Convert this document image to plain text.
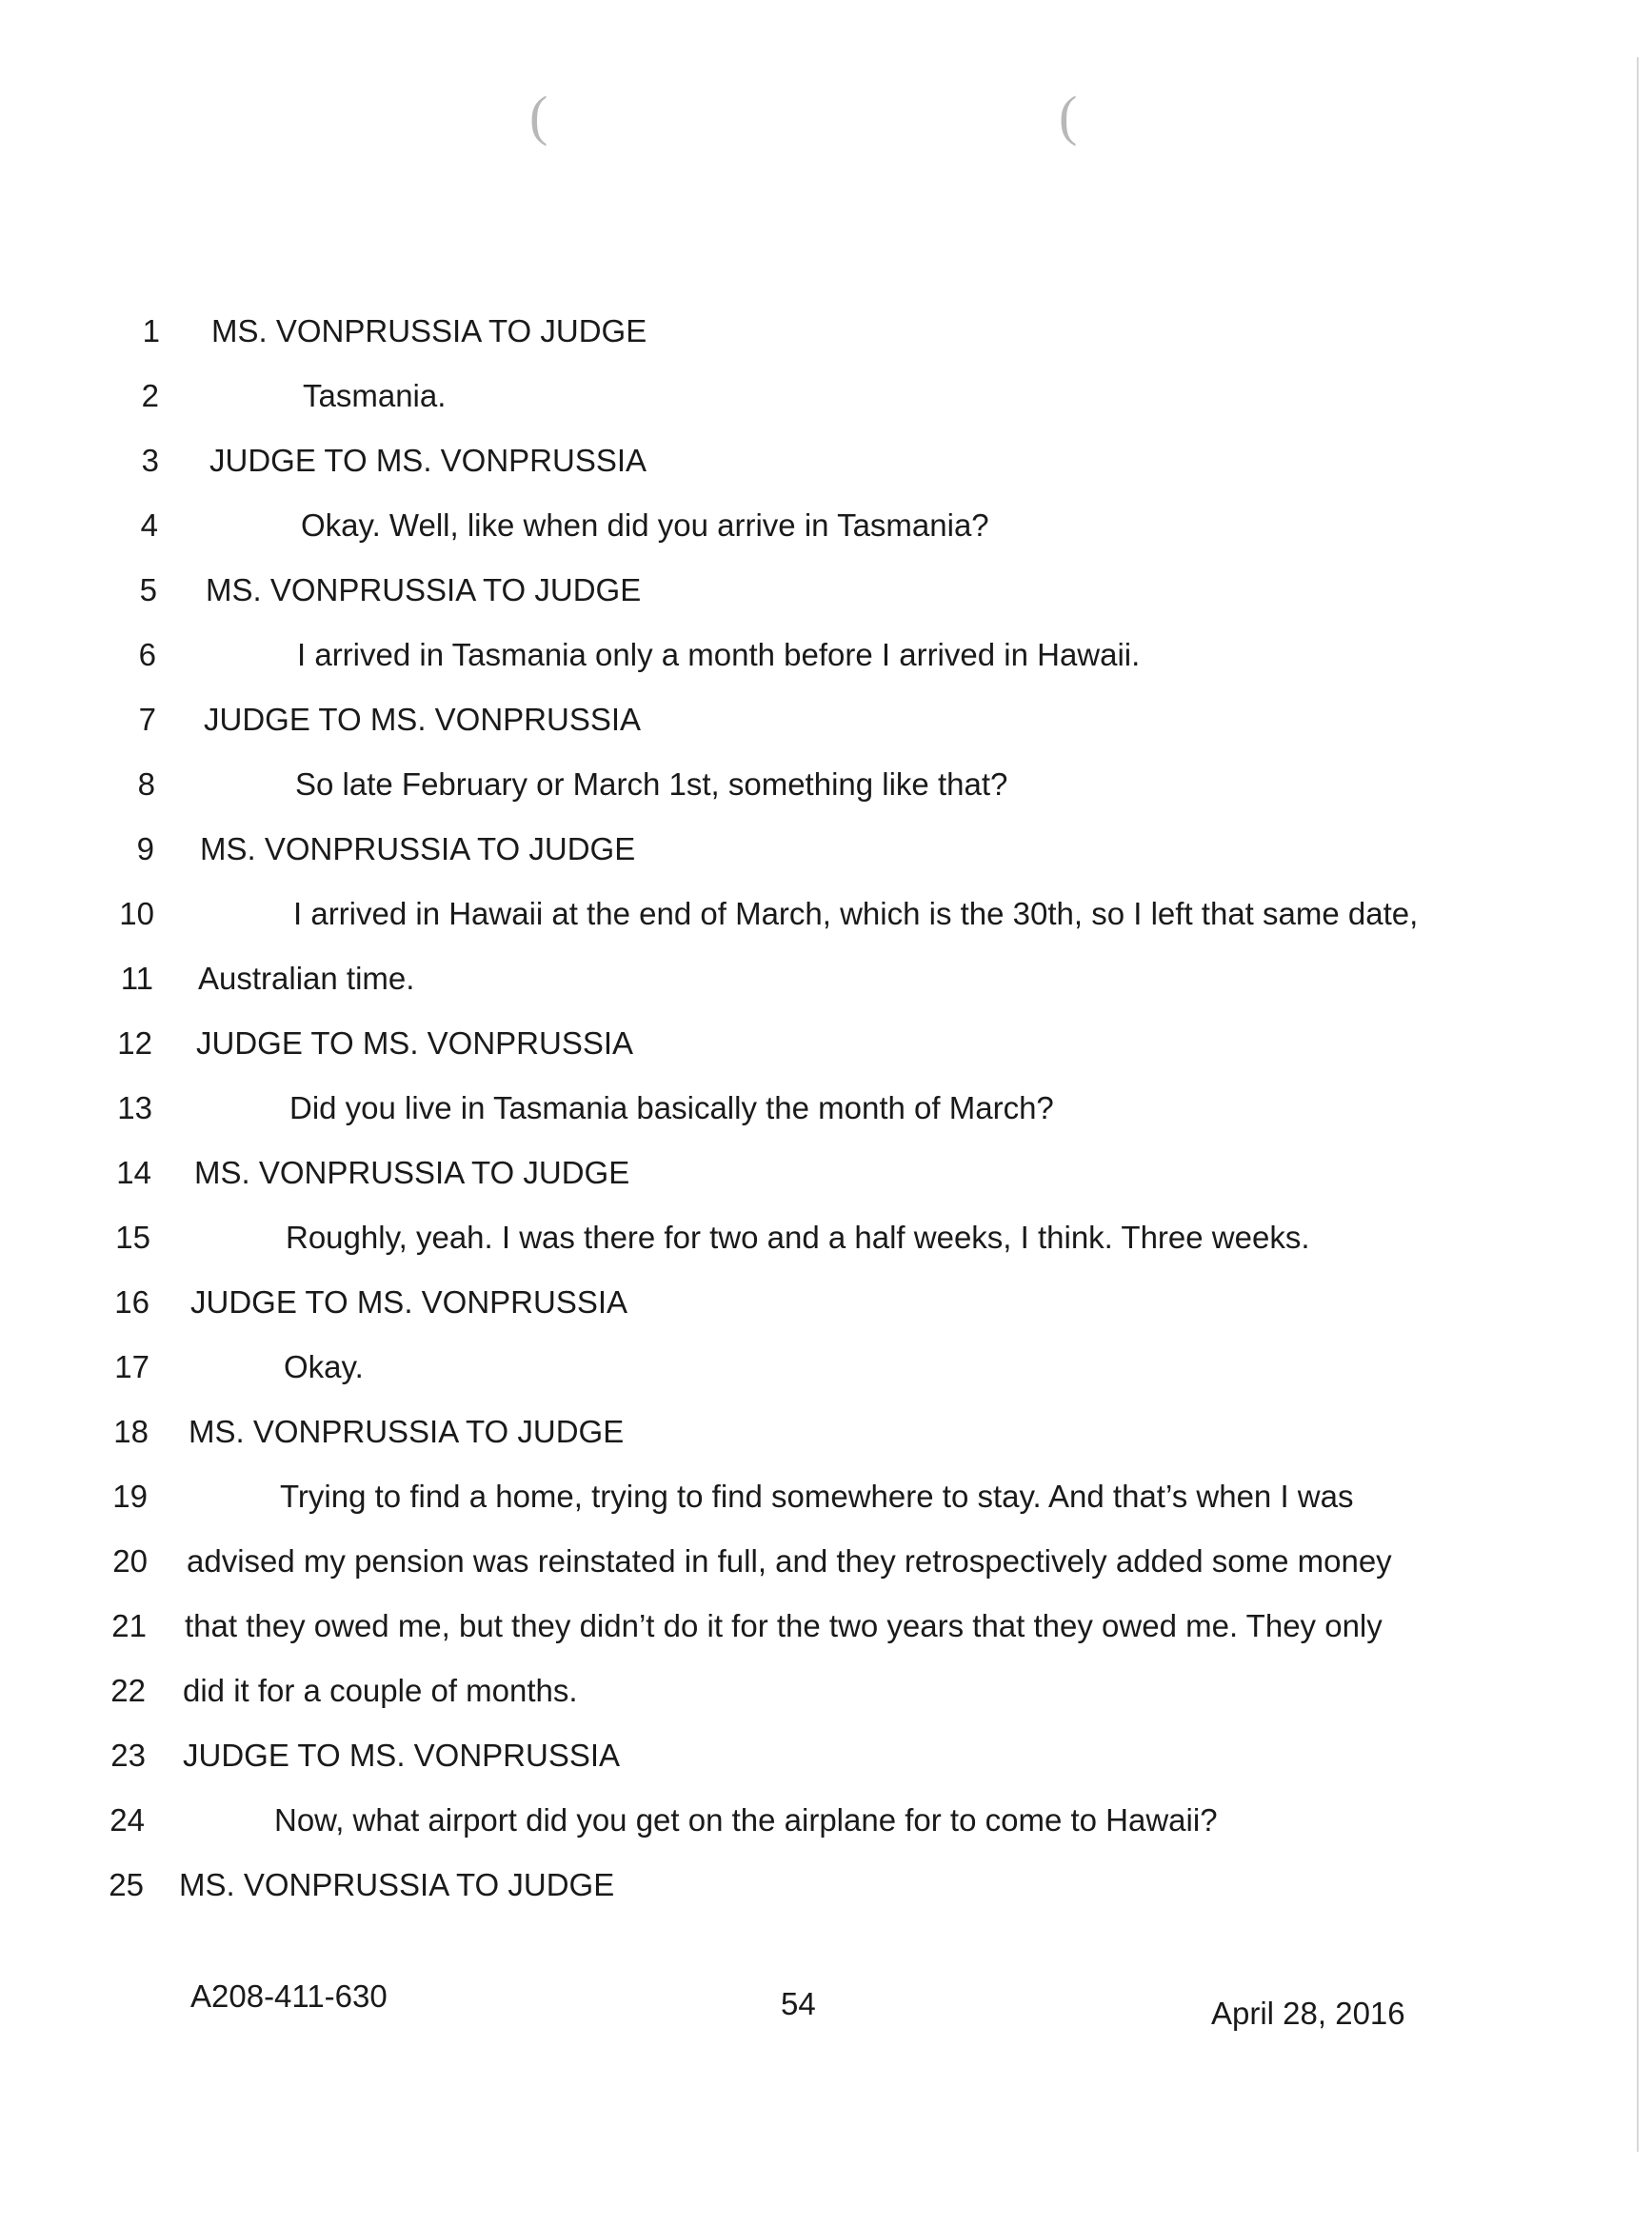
(	(
1 MS. VONPRUSSIA TO JUDGE
2	Tasmania.
3 JUDGE TO MS. VONPRUSSIA
4	Okay. Well, like when did you arrive in Tasmania?
5 MS. VONPRUSSIA TO JUDGE
6	I arrived in Tasmania only a month before I arrived in Hawaii.
7 JUDGE TO MS. VONPRUSSIA
8	So late February or March 1st, something like that?
9 MS. VONPRUSSIA TO JUDGE
10	I arrived in Hawaii at the end of March, which is the 30th, so I left that same date,
11 Australian time.
12 JUDGE TO MS. VONPRUSSIA
13	Did you live in Tasmania basically the month of March?
14 MS. VONPRUSSIA TO JUDGE
15	Roughly, yeah. I was there for two and a half weeks, I think. Three weeks.
16 JUDGE TO MS. VONPRUSSIA
17	Okay.
18 MS. VONPRUSSIA TO JUDGE
19	Trying to find a home, trying to find somewhere to stay. And that’s when I was
20 advised my pension was reinstated in full, and they retrospectively added some money
21 that they owed me, but they didn’t do it for the two years that they owed me. They only
22 did it for a couple of months.
23 JUDGE TO MS. VONPRUSSIA
24	Now, what airport did you get on the airplane for to come to Hawaii?
25 MS. VONPRUSSIA TO JUDGE
A208-411-630	54	April 28, 2016
